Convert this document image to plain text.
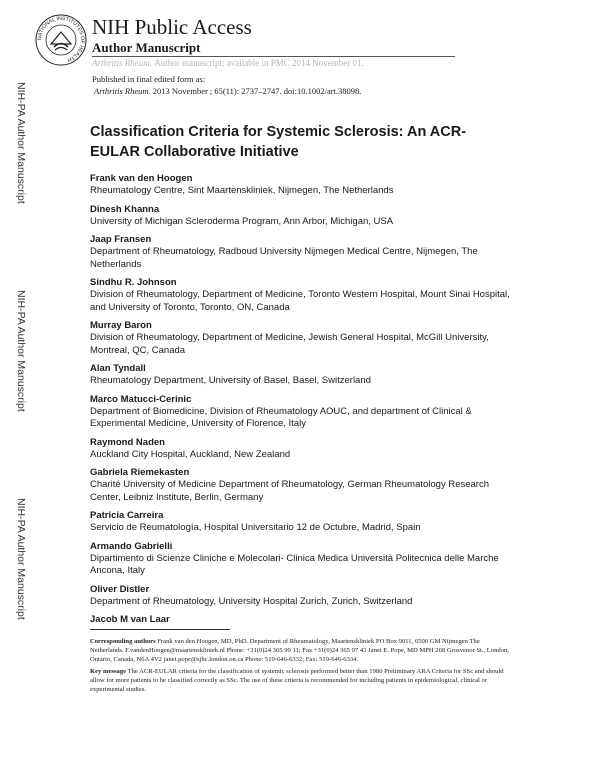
NATIONAL INSTITUTES OF HEALTH
NIH Public Access
Author Manuscript
Arthritis Rheum. Author manuscript; available in PMC 2014 November 01.
Published in final edited form as:
Arthritis Rheum. 2013 November ; 65(11): 2737–2747. doi:10.1002/art.38098.
NIH-PA Author Manuscript
NIH-PA Author Manuscript
NIH-PA Author Manuscript
Classification Criteria for Systemic Sclerosis: An ACR-EULAR Collaborative Initiative
Frank van den Hoogen
Rheumatology Centre, Sint Maartenskliniek, Nijmegen, The Netherlands
Dinesh Khanna
University of Michigan Scleroderma Program, Ann Arbor, Michigan, USA
Jaap Fransen
Department of Rheumatology, Radboud University Nijmegen Medical Centre, Nijmegen, The Netherlands
Sindhu R. Johnson
Division of Rheumatology, Department of Medicine, Toronto Western Hospital, Mount Sinai Hospital, and University of Toronto, Toronto, ON, Canada
Murray Baron
Division of Rheumatology, Department of Medicine, Jewish General Hospital, McGill University, Montreal, QC, Canada
Alan Tyndall
Rheumatology Department, University of Basel, Basel, Switzerland
Marco Matucci-Cerinic
Department of Biomedicine, Division of Rheumatology AOUC, and department of Clinical & Experimental Medicine, University of Florence, Italy
Raymond Naden
Auckland City Hospital, Auckland, New Zealand
Gabriela Riemekasten
Charité University of Medicine Department of Rheumatology, German Rheumatology Research Center, Leibniz Institute, Berlin, Germany
Patricia Carreira
Servicio de Reumatología, Hospital Universitario 12 de Octubre, Madrid, Spain
Armando Gabrielli
Dipartimento di Scienze Cliniche e Molecolari- Clinica Medica Università Politecnica delle Marche Ancona, Italy
Oliver Distler
Department of Rheumatology, University Hospital Zurich, Zurich, Switzerland
Jacob M van Laar

Corresponding authors Frank van den Hoogen, MD, PhD. Department of Rheumatology, Maartenskliniek PO Box 9011, 6500 GM Nijmegen The Netherlands. F.vandenHoogen@maartenskliniek.nl Phone: +31(0)24 365 99 11; Fax +31(0)24 365 97 43 Janet E. Pope, MD MPH 268 Grosvenor St., London, Ontario, Canada, N6A 4V2 janet.pope@sjhc.london.on.ca Phone: 519-646-6332; Fax: 519-646-6334.

Key message The ACR-EULAR criteria for the classification of systemic sclerosis performed better than 1980 Preliminary ARA Criteria for SSc and should allow for more patients to be classified correctly as SSc. The use of these criteria is recommended for including patients in epidemiological, clinical or experimental studies.
